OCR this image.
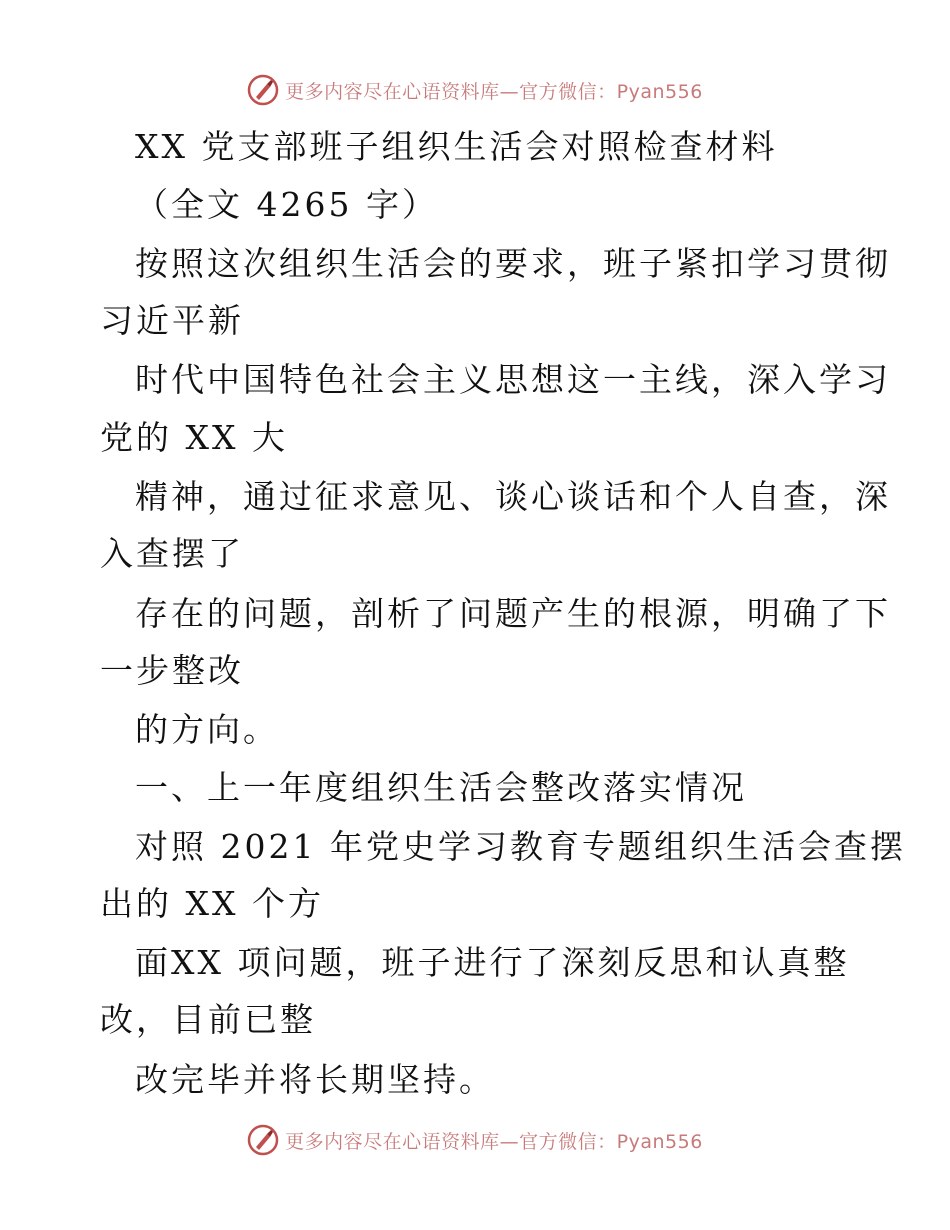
更多内容尽在心语资料库—官方微信：Pyan556
XX 党支部班子组织生活会对照检查材料
（全文 4265 字）
按照这次组织生活会的要求，班子紧扣学习贯彻
习近平新
时代中国特色社会主义思想这一主线，深入学习
党的 XX 大
精神，通过征求意见、谈心谈话和个人自查，深
入查摆了
存在的问题，剖析了问题产生的根源，明确了下
一步整改
的方向。
一、上一年度组织生活会整改落实情况
对照 2021 年党史学习教育专题组织生活会查摆
出的 XX 个方
面XX 项问题，班子进行了深刻反思和认真整
改，目前已整
改完毕并将长期坚持。
更多内容尽在心语资料库—官方微信：Pyan556
